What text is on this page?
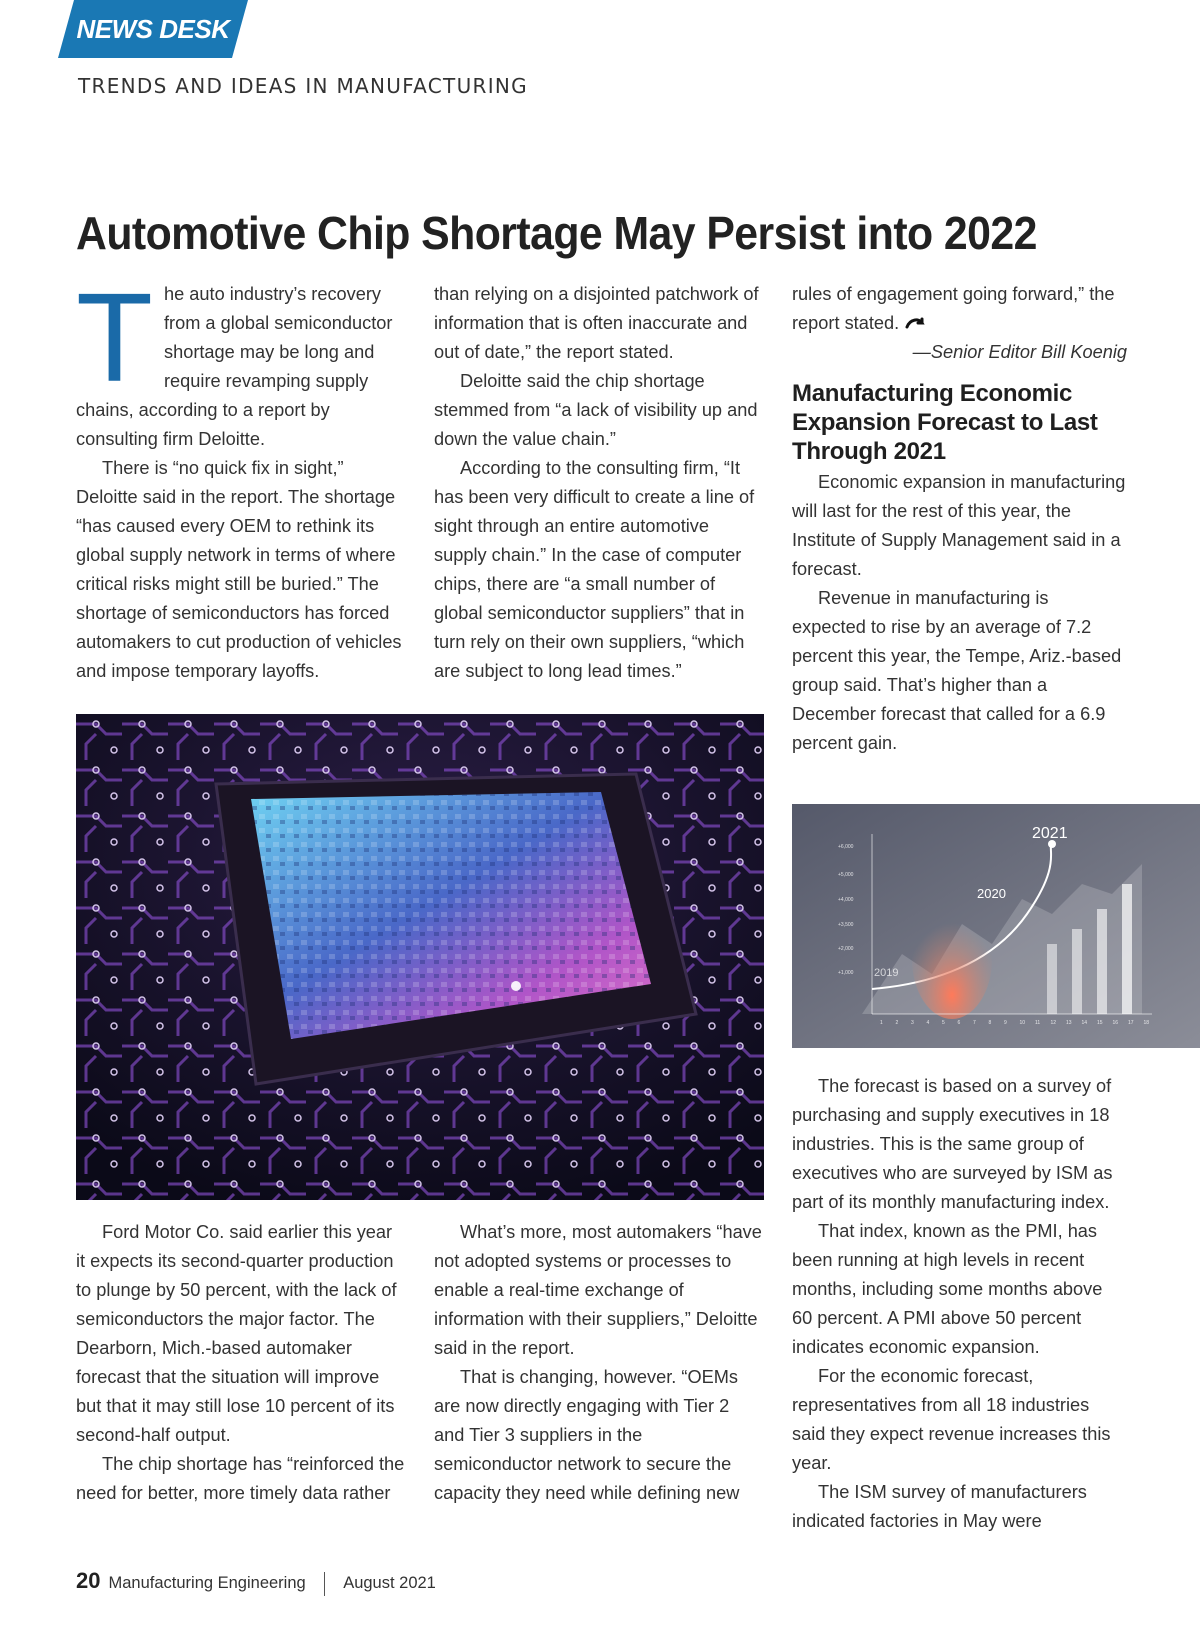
NEWS DESK
TRENDS AND IDEAS IN MANUFACTURING
Automotive Chip Shortage May Persist into 2022
T he auto industry’s recovery

from a global semiconductor

shortage may be long and

require revamping supply

chains, according to a report by consulting firm Deloitte.

There is “no quick fix in sight,” Deloitte said in the report. The shortage “has caused every OEM to rethink its global supply network in terms of where critical risks might still be buried.” The shortage of semiconductors has forced automakers to cut production of vehicles and impose temporary layoffs.

than relying on a disjointed patchwork of information that is often inaccurate and out of date,” the report stated.

Deloitte said the chip shortage stemmed from “a lack of visibility up and down the value chain.”

According to the consulting firm, “It has been very difficult to create a line of sight through an entire automotive supply chain.” In the case of computer chips, there are “a small number of global semiconductor suppliers” that in turn rely on their own suppliers, “which are subject to long lead times.”

rules of engagement going forward,” the report stated.

—Senior Editor Bill Koenig

Manufacturing Economic Expansion Forecast to Last Through 2021

Economic expansion in manufacturing will last for the rest of this year, the Institute of Supply Management said in a forecast.

Revenue in manufacturing is expected to rise by an average of 7.2 percent this year, the Tempe, Ariz.-based group said. That’s higher than a December forecast that called for a 6.9 percent gain.

2021
2020
2019
+6,000
+5,000
+4,000
+3,500
+2,000
+1,000
1	2	3	4	5	6	7	8	9	10 11 12 13 14 15 16 17 18

Ford Motor Co. said earlier this year it expects its second-quarter production to plunge by 50 percent, with the lack of semiconductors the major factor. The Dearborn, Mich.-based automaker forecast that the situation will improve but that it may still lose 10 percent of its second-half output.

The chip shortage has “reinforced the need for better, more timely data rather

What’s more, most automakers “have not adopted systems or processes to enable a real-time exchange of information with their suppliers,” Deloitte said in the report.

That is changing, however. “OEMs are now directly engaging with Tier 2 and Tier 3 suppliers in the semiconductor network to secure the capacity they need while defining new

The forecast is based on a survey of purchasing and supply executives in 18 industries. This is the same group of executives who are surveyed by ISM as part of its monthly manufacturing index.

That index, known as the PMI, has been running at high levels in recent months, including some months above 60 percent. A PMI above 50 percent indicates economic expansion.

For the economic forecast, representatives from all 18 industries said they expect revenue increases this year.

The ISM survey of manufacturers indicated factories in May were

20 Manufacturing Engineering August 2021
